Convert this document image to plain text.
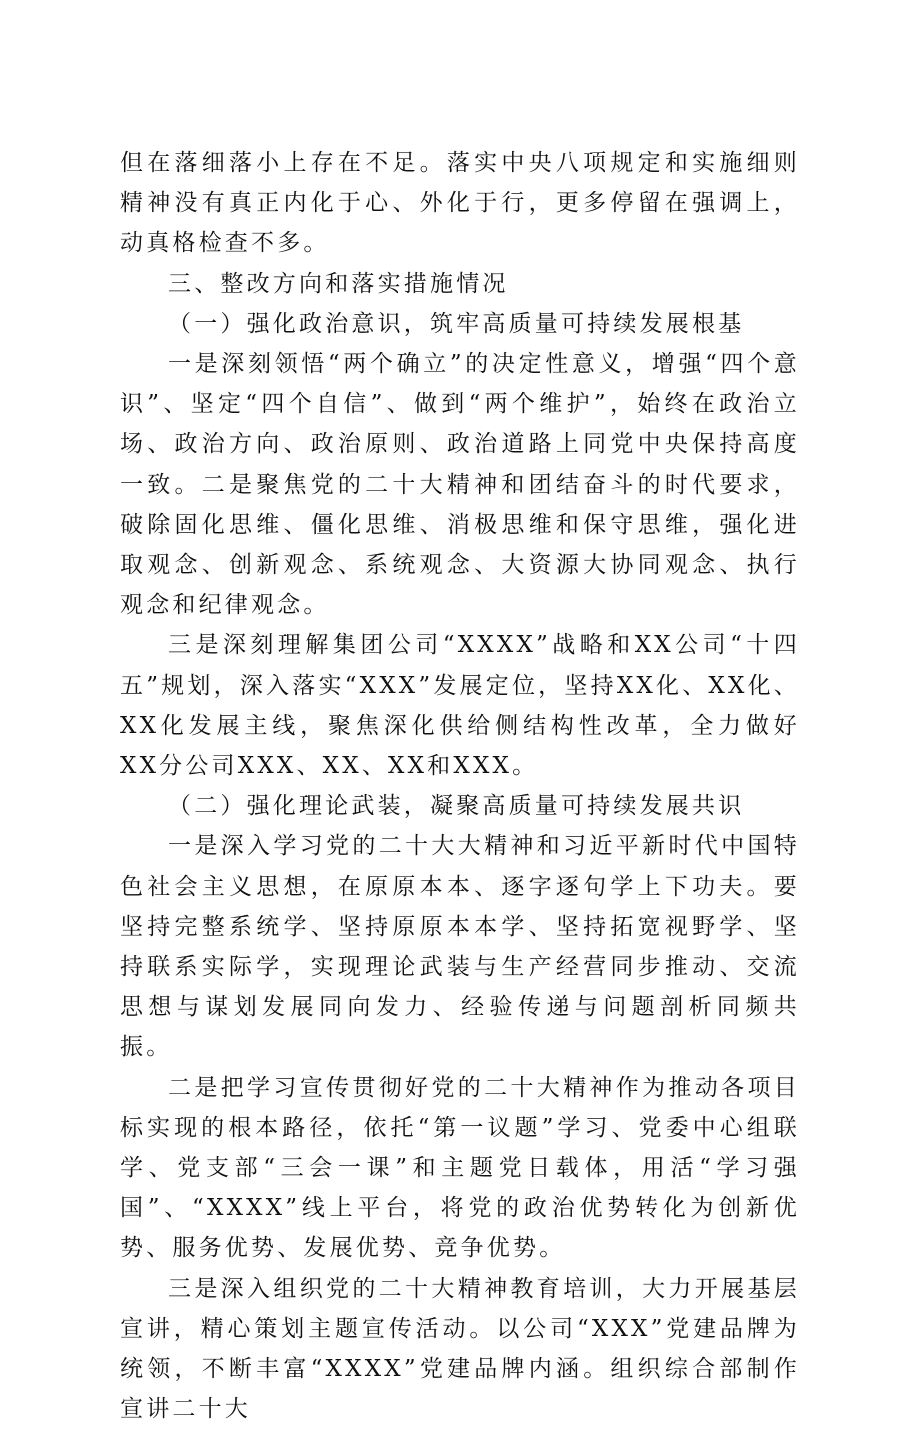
但在落细落小上存在不足。落实中央八项规定和实施细则精神没有真正内化于心、外化于行，更多停留在强调上，动真格检查不多。

三、整改方向和落实措施情况

（一）强化政治意识，筑牢高质量可持续发展根基

一是深刻领悟“两个确立”的决定性意义，增强“四个意识”、坚定“四个自信”、做到“两个维护”，始终在政治立场、政治方向、政治原则、政治道路上同党中央保持高度一致。二是聚焦党的二十大精神和团结奋斗的时代要求，破除固化思维、僵化思维、消极思维和保守思维，强化进取观念、创新观念、系统观念、大资源大协同观念、执行观念和纪律观念。

三是深刻理解集团公司“XXXX”战略和XX公司“十四五”规划，深入落实“XXX”发展定位，坚持XX化、XX化、XX化发展主线，聚焦深化供给侧结构性改革，全力做好XX分公司XXX、XX、XX和XXX。

（二）强化理论武装，凝聚高质量可持续发展共识

一是深入学习党的二十大大精神和习近平新时代中国特色社会主义思想，在原原本本、逐字逐句学上下功夫。要坚持完整系统学、坚持原原本本学、坚持拓宽视野学、坚持联系实际学，实现理论武装与生产经营同步推动、交流思想与谋划发展同向发力、经验传递与问题剖析同频共振。

二是把学习宣传贯彻好党的二十大精神作为推动各项目标实现的根本路径，依托“第一议题”学习、党委中心组联学、党支部“三会一课”和主题党日载体，用活“学习强国”、“XXXX”线上平台，将党的政治优势转化为创新优势、服务优势、发展优势、竞争优势。

三是深入组织党的二十大精神教育培训，大力开展基层宣讲，精心策划主题宣传活动。以公司“XXX”党建品牌为统领，不断丰富“XXXX”党建品牌内涵。组织综合部制作宣讲二十大
